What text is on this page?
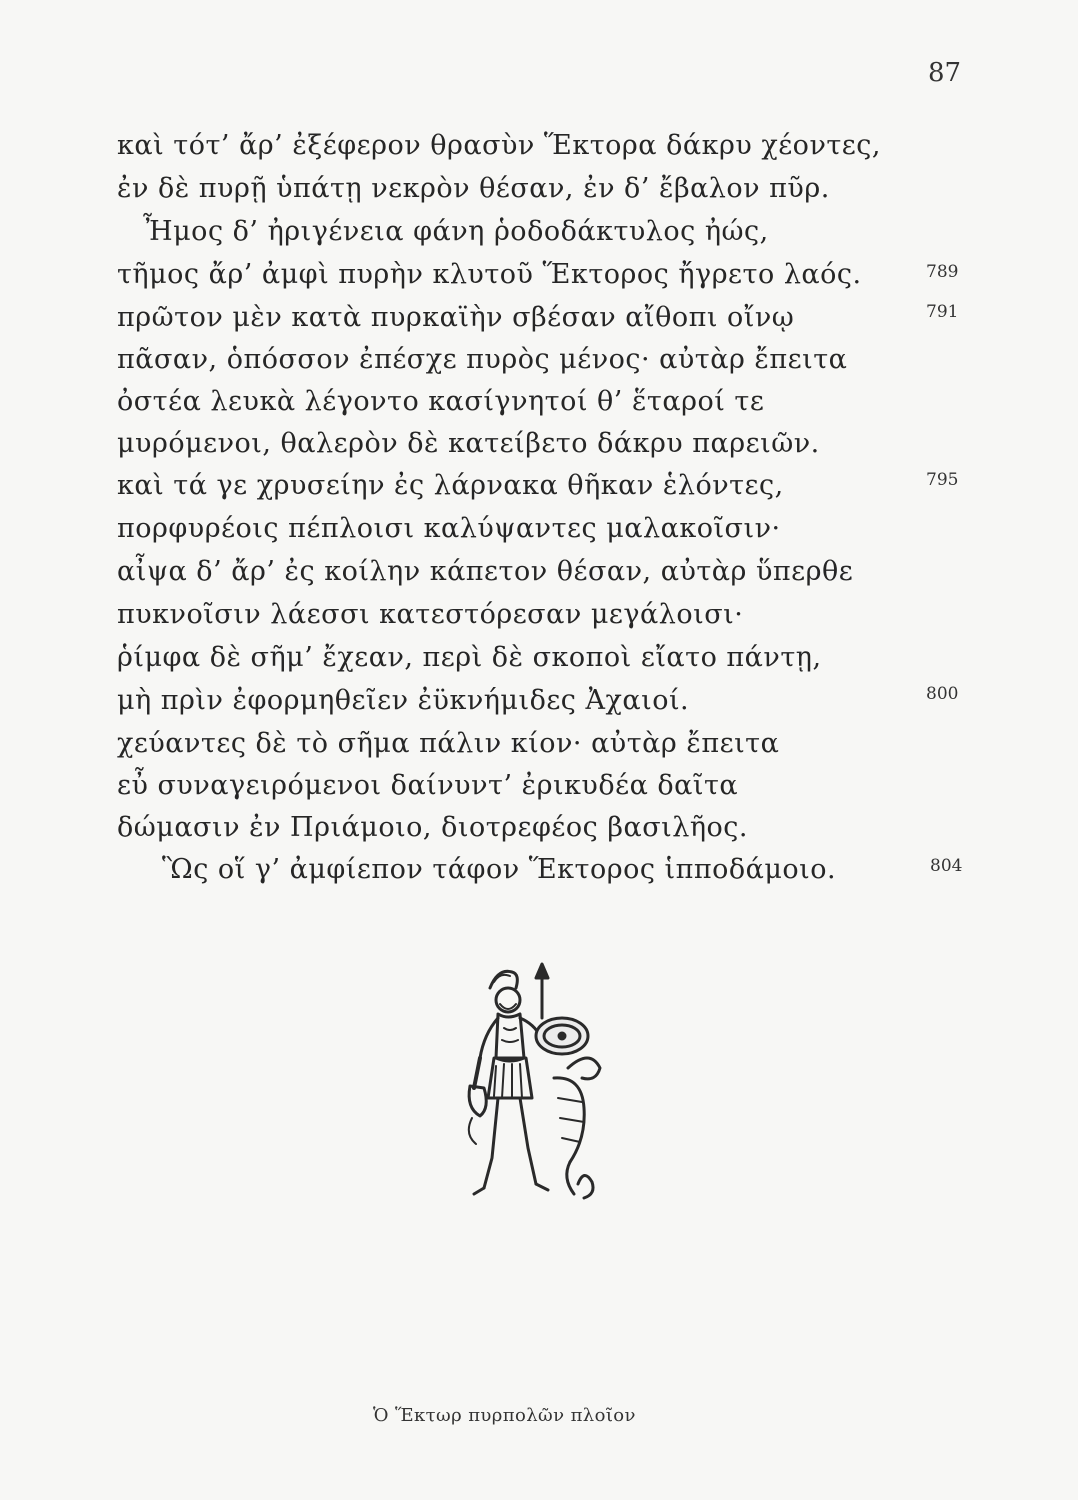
87
καὶ τότ’ ἄρ’ ἐξέφερον θρασὺν Ἕκτορα δάκρυ χέοντες,
ἐν δὲ πυρῇ ὑπάτῃ νεκρὸν θέσαν, ἐν δ’ ἔβαλον πῦρ.
Ἦμος δ’ ἠριγένεια φάνη ῥοδοδάκτυλος ἠώς,
τῆμος ἄρ’ ἀμφὶ πυρὴν κλυτοῦ Ἕκτορος ἤγρετο λαός.
πρῶτον μὲν κατὰ πυρκαϊὴν σβέσαν αἴθοπι οἴνῳ
πᾶσαν, ὁπόσσον ἐπέσχε πυρὸς μένος· αὐτὰρ ἔπειτα
ὀστέα λευκὰ λέγοντο κασίγνητοί θ’ ἕταροί τε
μυρόμενοι, θαλερὸν δὲ κατείβετο δάκρυ παρειῶν.
καὶ τά γε χρυσείην ἐς λάρνακα θῆκαν ἑλόντες,
πορφυρέοις πέπλοισι καλύψαντες μαλακοῖσιν·
αἶψα δ’ ἄρ’ ἐς κοίλην κάπετον θέσαν, αὐτὰρ ὕπερθε
πυκνοῖσιν λάεσσι κατεστόρεσαν μεγάλοισι·
ῥίμφα δὲ σῆμ’ ἔχεαν, περὶ δὲ σκοποὶ εἴατο πάντῃ,
μὴ πρὶν ἐφορμηθεῖεν ἐϋκνήμιδες Ἀχαιοί.
χεύαντες δὲ τὸ σῆμα πάλιν κίον· αὐτὰρ ἔπειτα
εὖ συναγειρόμενοι δαίνυντ’ ἐρικυδέα δαῖτα
δώμασιν ἐν Πριάμοιο, διοτρεφέος βασιλῆος.
Ὣς οἵ γ’ ἀμφίεπον τάφον Ἕκτορος ἱπποδάμοιο.
789
791
795
800
804
Ὁ Ἕκτωρ πυρπολῶν πλοῖον
